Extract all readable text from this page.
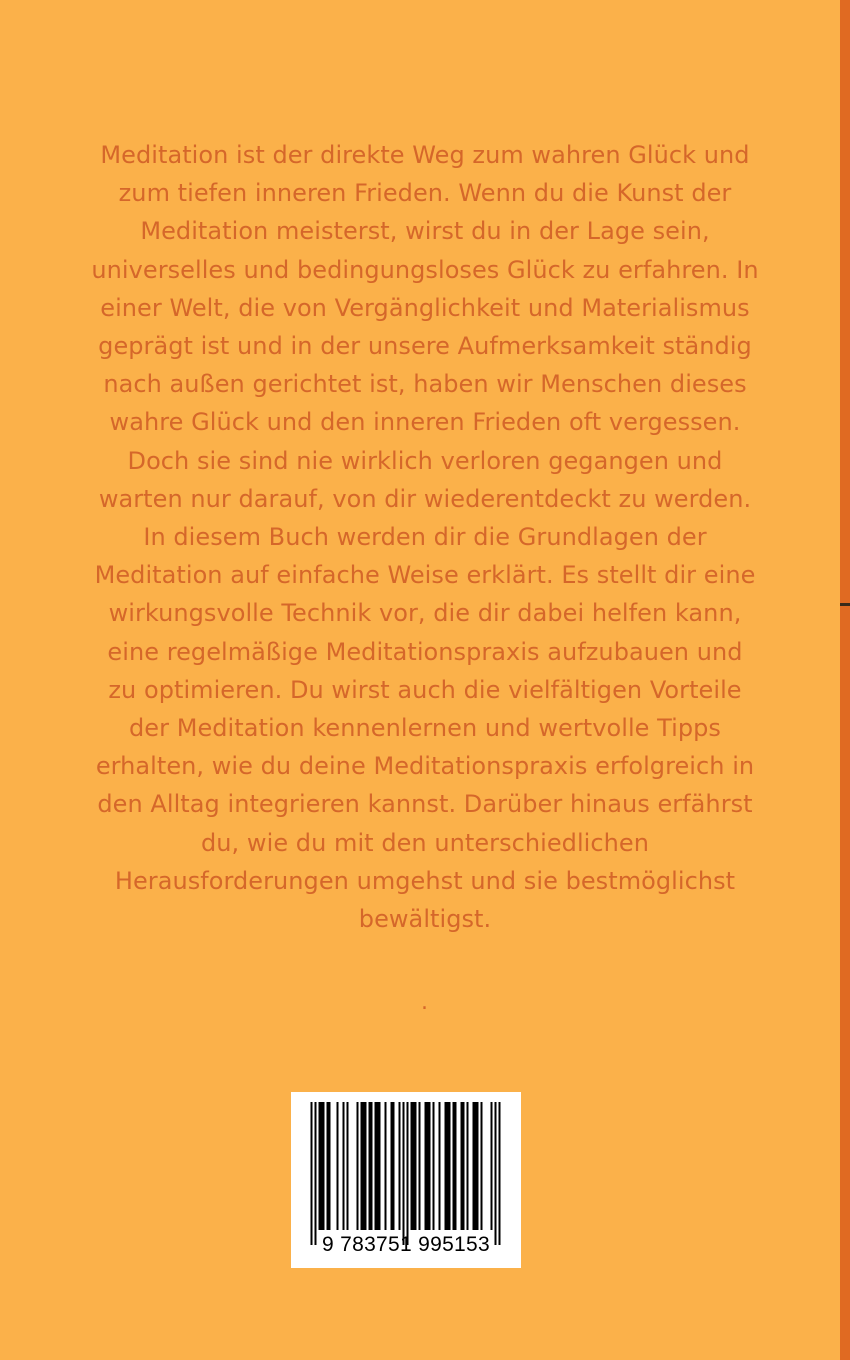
Meditation ist der direkte Weg zum wahren Glück und
zum tiefen inneren Frieden. Wenn du die Kunst der
Meditation meisterst, wirst du in der Lage sein,
universelles und bedingungsloses Glück zu erfahren. In
einer Welt, die von Vergänglichkeit und Materialismus
geprägt ist und in der unsere Aufmerksamkeit ständig
nach außen gerichtet ist, haben wir Menschen dieses
wahre Glück und den inneren Frieden oft vergessen.
Doch sie sind nie wirklich verloren gegangen und
warten nur darauf, von dir wiederentdeckt zu werden.
In diesem Buch werden dir die Grundlagen der
Meditation auf einfache Weise erklärt. Es stellt dir eine
wirkungsvolle Technik vor, die dir dabei helfen kann,
eine regelmäßige Meditationspraxis aufzubauen und
zu optimieren. Du wirst auch die vielfältigen Vorteile
der Meditation kennenlernen und wertvolle Tipps
erhalten, wie du deine Meditationspraxis erfolgreich in
den Alltag integrieren kannst. Darüber hinaus erfährst
du, wie du mit den unterschiedlichen
Herausforderungen umgehst und sie bestmöglichst
bewältigst.

.
9 783751 995153
